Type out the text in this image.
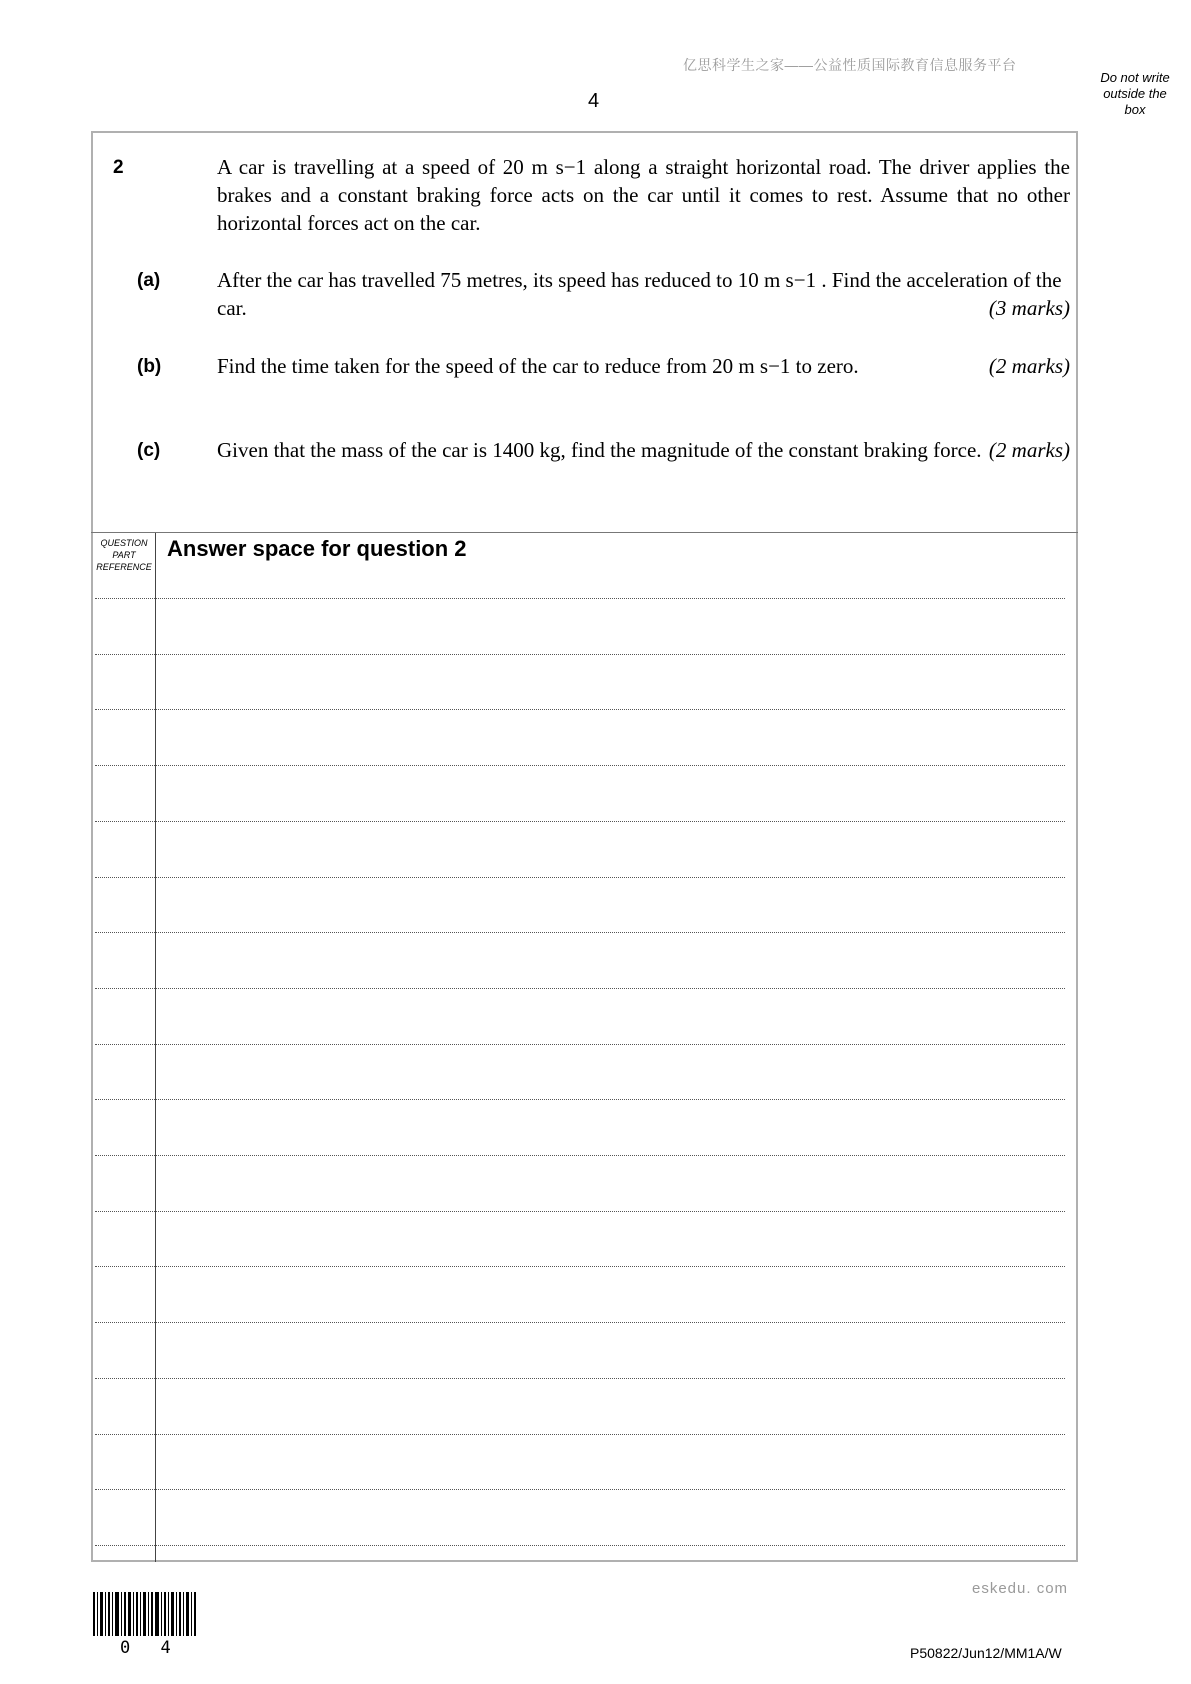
亿思科学生之家——公益性质国际教育信息服务平台
4
Do not write
outside the
box
2	A car is travelling at a speed of 20 m s−1 along a straight horizontal road. The driver applies the brakes and a constant braking force acts on the car until it comes to rest. Assume that no other horizontal forces act on the car.
(a)	After the car has travelled 75 metres, its speed has reduced to 10 m s−1 . Find the acceleration of the car.	(3 marks)
(b)	Find the time taken for the speed of the car to reduce from 20 m s−1 to zero.	(2 marks)
(c)	Given that the mass of the car is 1400 kg, find the magnitude of the constant braking force. (2 marks)
QUESTION
PART
REFERENCE
Answer space for question 2
eskedu. com
0 4	P50822/Jun12/MM1A/W
